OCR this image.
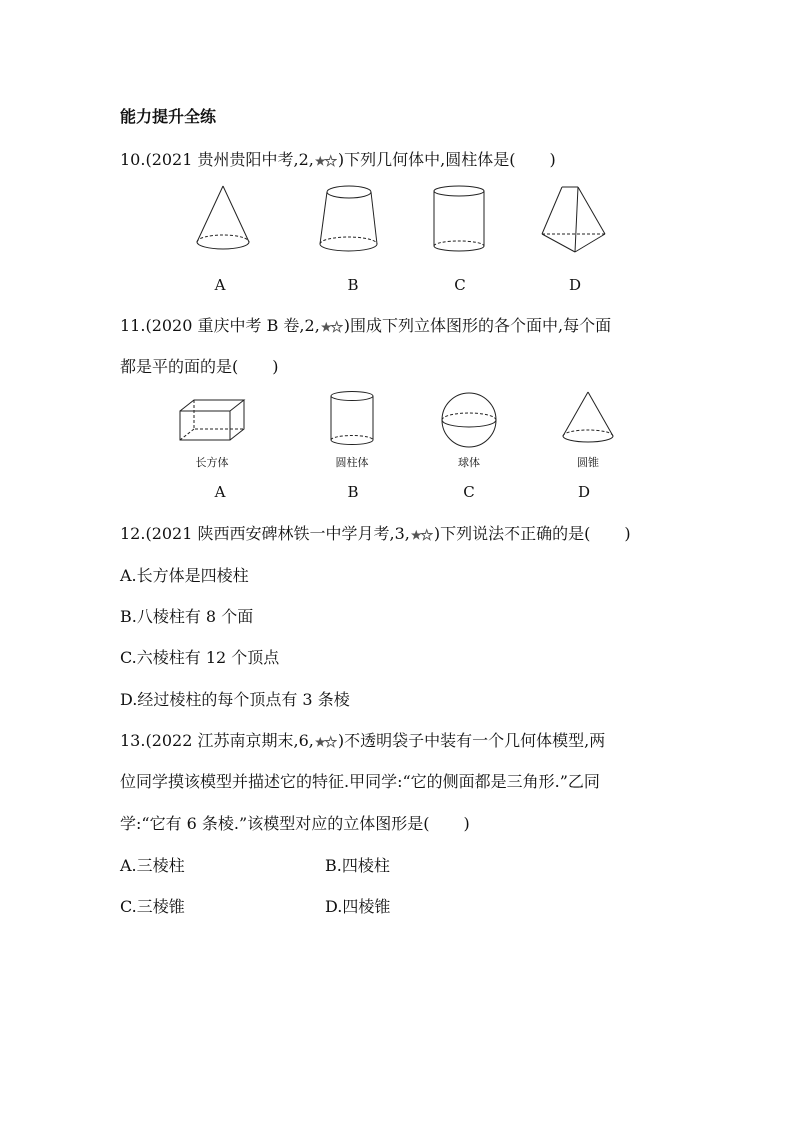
能力提升全练
10.(2021 贵州贵阳中考,2, )下列几何体中,圆柱体是( )
A	B	C	D
11.(2020 重庆中考 B 卷,2, )围成下列立体图形的各个面中,每个面
都是平的面的是( )
长方体	圆柱体	球体	圆锥
A	B	C	D
12.(2021 陕西西安碑林铁一中学月考,3, )下列说法不正确的是( )
A.长方体是四棱柱
B.八棱柱有 8 个面
C.六棱柱有 12 个顶点
D.经过棱柱的每个顶点有 3 条棱
13.(2022 江苏南京期末,6, )不透明袋子中装有一个几何体模型,两
位同学摸该模型并描述它的特征.甲同学:“它的侧面都是三角形.”乙同
学:“它有 6 条棱.”该模型对应的立体图形是( )
A.三棱柱	B.四棱柱
C.三棱锥	D.四棱锥
